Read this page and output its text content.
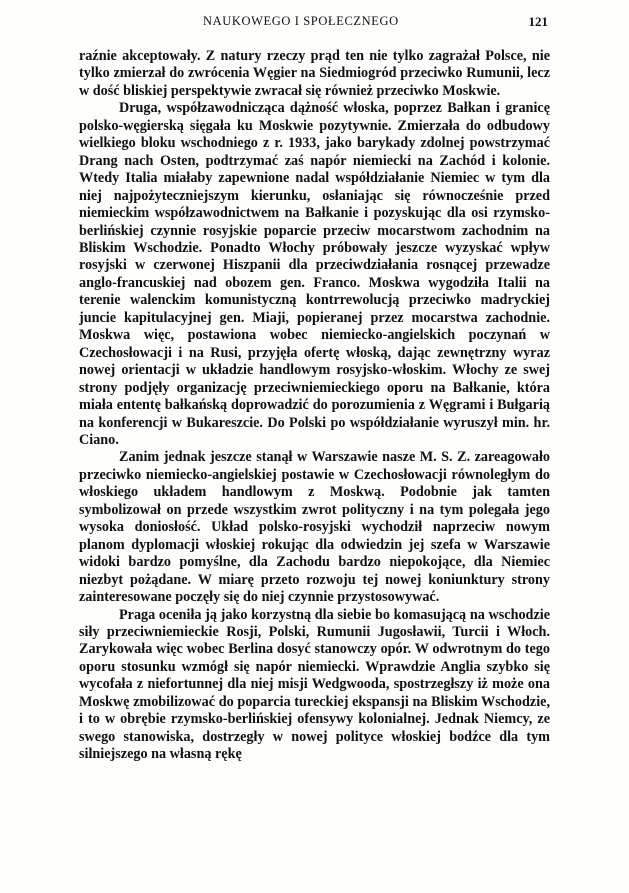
NAUKOWEGO I SPOŁECZNEGO	121

raźnie akceptowały. Z natury rzeczy prąd ten nie tylko zagrażał Polsce, nie tylko zmierzał do zwrócenia Węgier na Siedmiogród przeciwko Rumunii, lecz w dość bliskiej perspektywie zwracał się również przeciwko Moskwie.

Druga, współzawodnicząca dążność włoska, poprzez Bałkan i granicę polsko-węgierską sięgała ku Moskwie pozytywnie. Zmierzała do odbudowy wielkiego bloku wschodniego z r. 1933, jako barykady zdolnej powstrzymać Drang nach Osten, podtrzymać zaś napór niemiecki na Zachód i kolonie. Wtedy Italia miałaby zapewnione nadal współdziałanie Niemiec w tym dla niej najpożyteczniejszym kierunku, osłaniając się równocześnie przed niemieckim współzawodnictwem na Bałkanie i pozyskując dla osi rzymsko-berlińskiej czynnie rosyjskie poparcie przeciw mocarstwom zachodnim na Bliskim Wschodzie. Ponadto Włochy próbowały jeszcze wyzyskać wpływ rosyjski w czerwonej Hiszpanii dla przeciwdziałania rosnącej przewadze anglo-francuskiej nad obozem gen. Franco. Moskwa wygodziła Italii na terenie walenckim komunistyczną kontrrewolucją przeciwko madryckiej juncie kapitulacyjnej gen. Miaji, popieranej przez mocarstwa zachodnie. Moskwa więc, postawiona wobec niemiecko-angielskich poczynań w Czechosłowacji i na Rusi, przyjęła ofertę włoską, dając zewnętrzny wyraz nowej orientacji w układzie handlowym rosyjsko-włoskim. Włochy ze swej strony podjęły organizację przeciwniemieckiego oporu na Bałkanie, która miała ententę bałkańską doprowadzić do porozumienia z Węgrami i Bułgarią na konferencji w Bukareszcie. Do Polski po współdziałanie wyruszył min. hr. Ciano.

Zanim jednak jeszcze stanął w Warszawie nasze M. S. Z. zareagowało przeciwko niemiecko-angielskiej postawie w Czechosłowacji równoległym do włoskiego układem handlowym z Moskwą. Podobnie jak tamten symbolizował on przede wszystkim zwrot polityczny i na tym polegała jego wysoka doniosłość. Układ polsko-rosyjski wychodził naprzeciw nowym planom dyplomacji włoskiej rokując dla odwiedzin jej szefa w Warszawie widoki bardzo pomyślne, dla Zachodu bardzo niepokojące, dla Niemiec niezbyt pożądane. W miarę przeto rozwoju tej nowej koniunktury strony zainteresowane poczęły się do niej czynnie przystosowywać.

Praga oceniła ją jako korzystną dla siebie bo komasującą na wschodzie siły przeciwniemieckie Rosji, Polski, Rumunii Jugosławii, Turcii i Włoch. Zarykowała więc wobec Berlina dosyć stanowczy opór. W odwrotnym do tego oporu stosunku wzmógł się napór niemiecki. Wprawdzie Anglia szybko się wycofała z niefortunnej dla niej misji Wedgwooda, spostrzegłszy iż może ona Moskwę zmobilizować do poparcia tureckiej ekspansji na Bliskim Wschodzie, i to w obrębie rzymsko-berlińskiej ofensywy kolonialnej. Jednak Niemcy, ze swego stanowiska, dostrzegły w nowej polityce włoskiej bodźce dla tym silniejszego na własną rękę
